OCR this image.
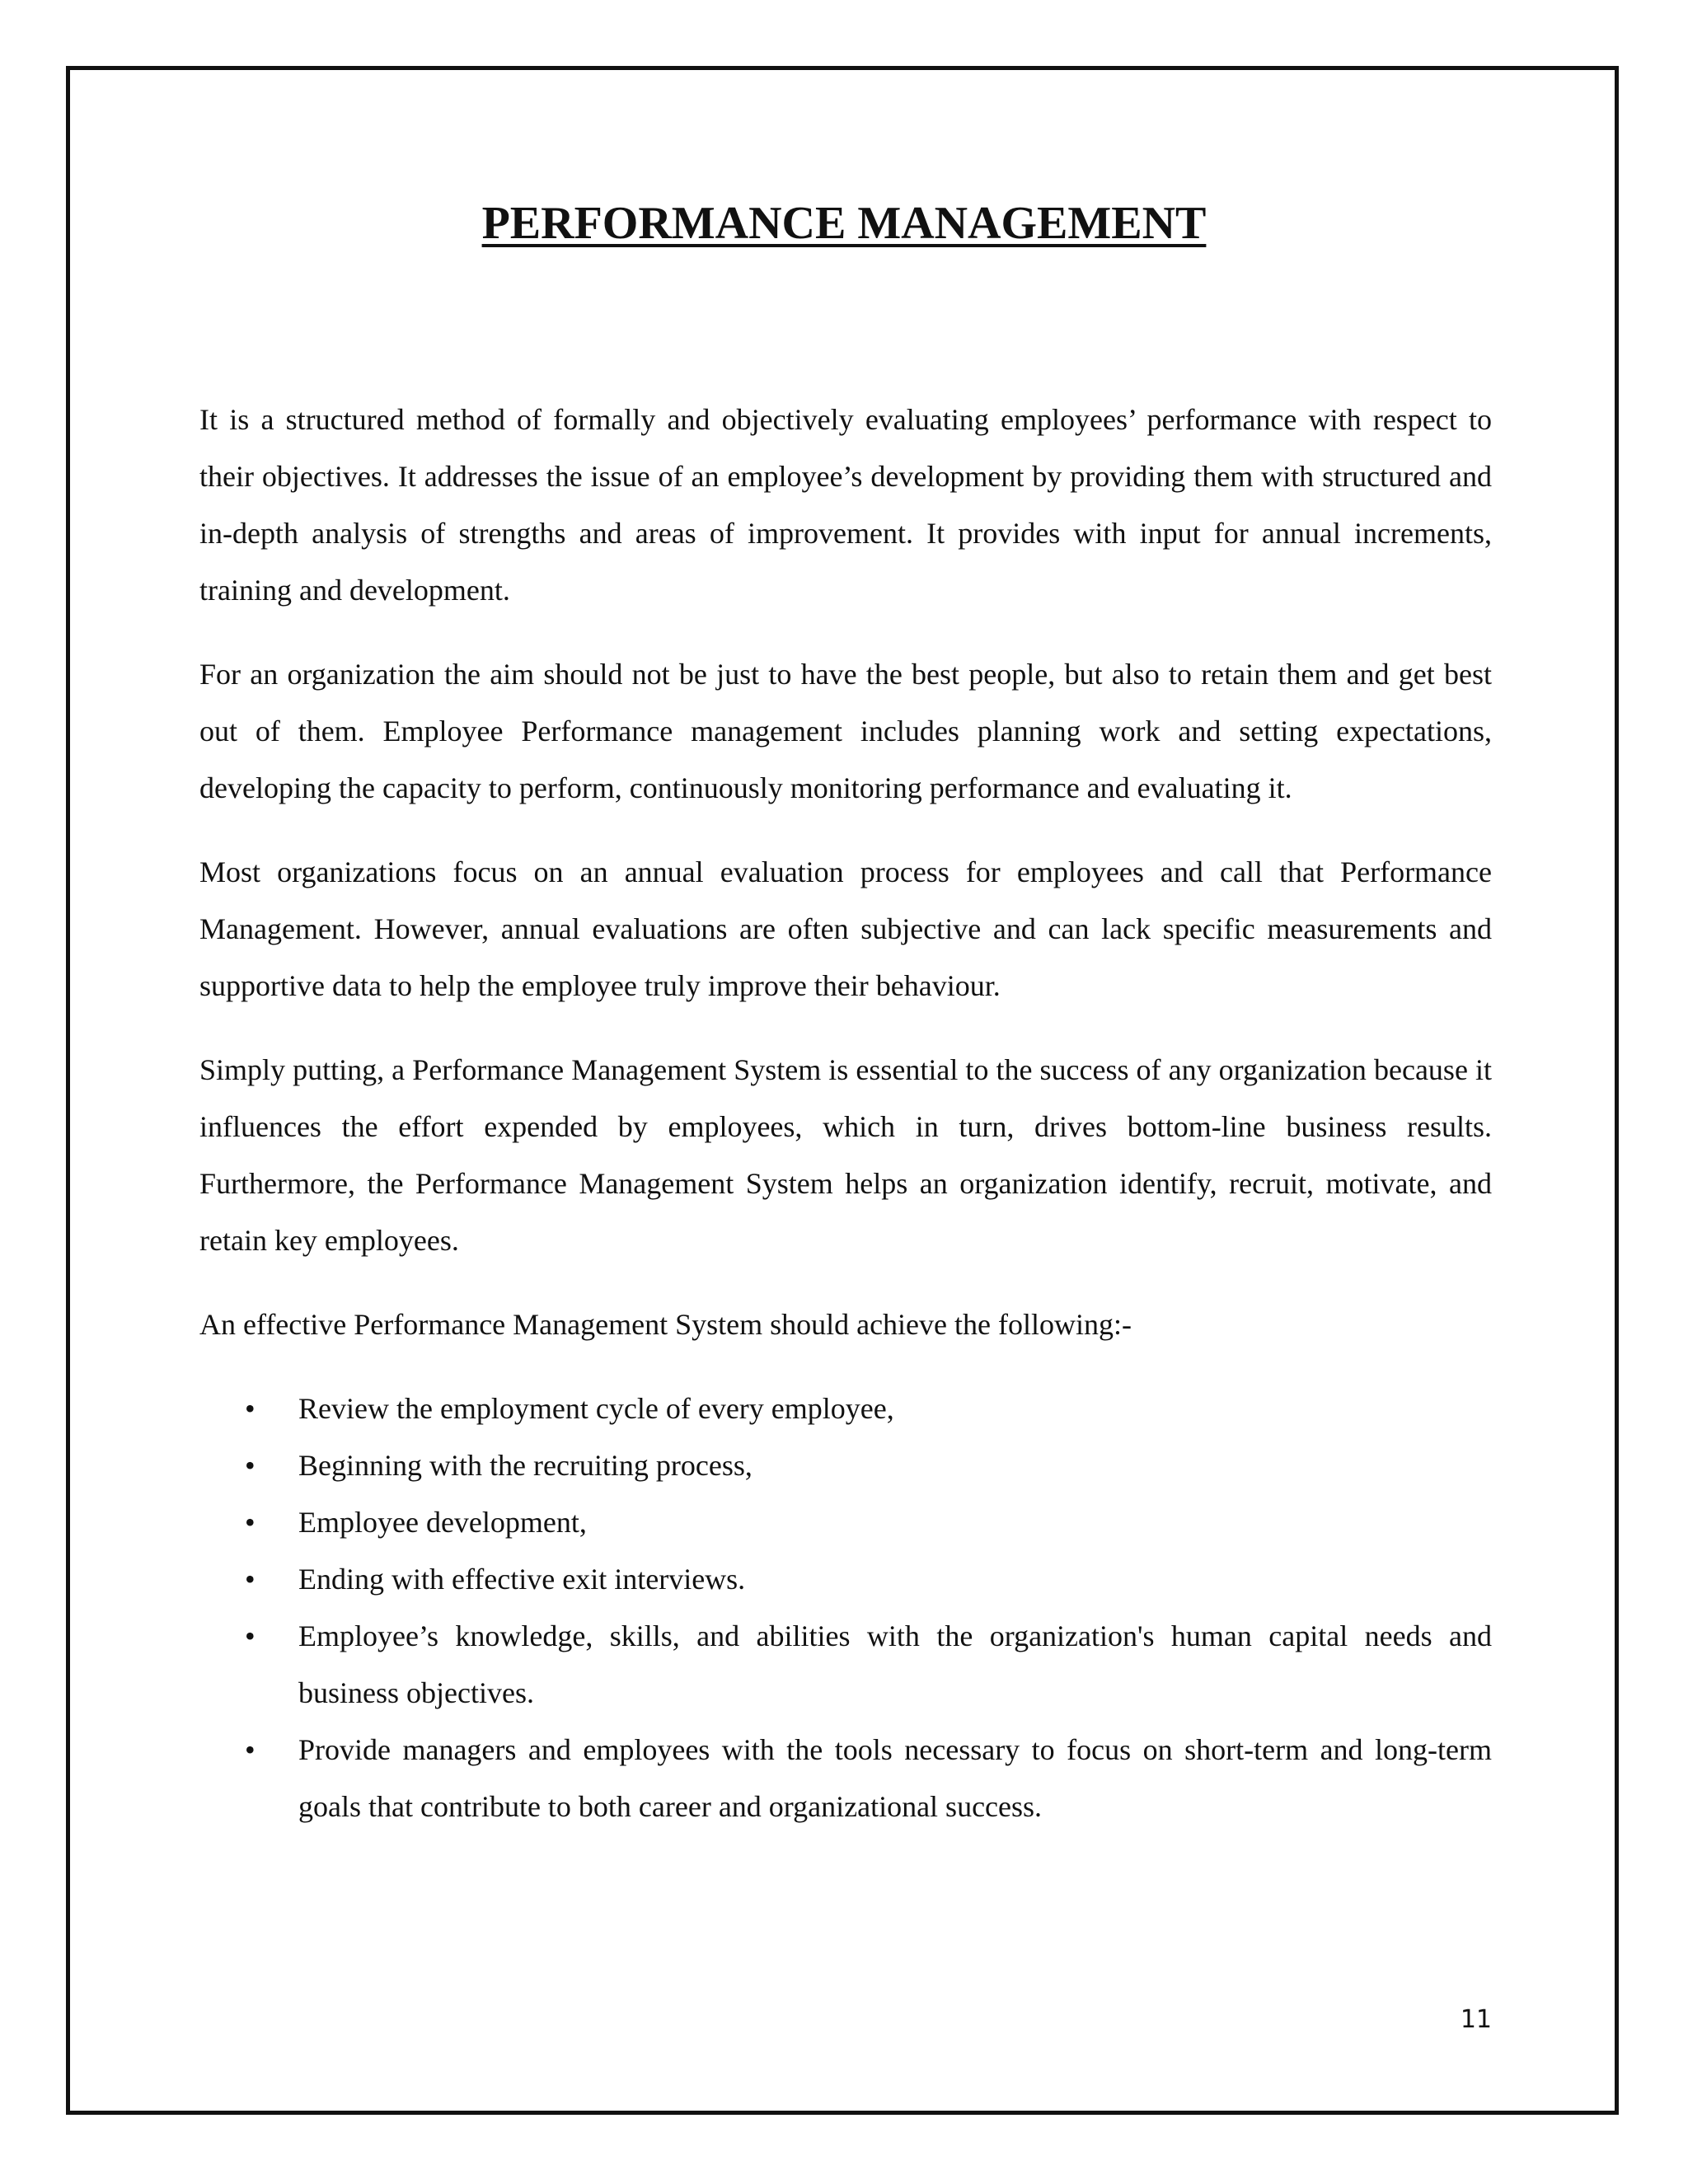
PERFORMANCE MANAGEMENT

It is a structured method of formally and objectively evaluating employees’ performance with respect to their objectives. It addresses the issue of an employee’s development by providing them with structured and in-depth analysis of strengths and areas of improvement. It provides with input for annual increments, training and development.

For an organization the aim should not be just to have the best people, but also to retain them and get best out of them. Employee Performance management includes planning work and setting expectations, developing the capacity to perform, continuously monitoring performance and evaluating it.

Most organizations focus on an annual evaluation process for employees and call that Performance Management. However, annual evaluations are often subjective and can lack specific measurements and supportive data to help the employee truly improve their behaviour.

Simply putting, a Performance Management System is essential to the success of any organization because it influences the effort expended by employees, which in turn, drives bottom-line business results. Furthermore, the Performance Management System helps an organization identify, recruit, motivate, and retain key employees.

An effective Performance Management System should achieve the following:-

• Review the employment cycle of every employee,
• Beginning with the recruiting process,
• Employee development,
• Ending with effective exit interviews.
• Employee’s knowledge, skills, and abilities with the organization's human capital needs and business objectives.
• Provide managers and employees with the tools necessary to focus on short-term and long-term goals that contribute to both career and organizational success.
11
